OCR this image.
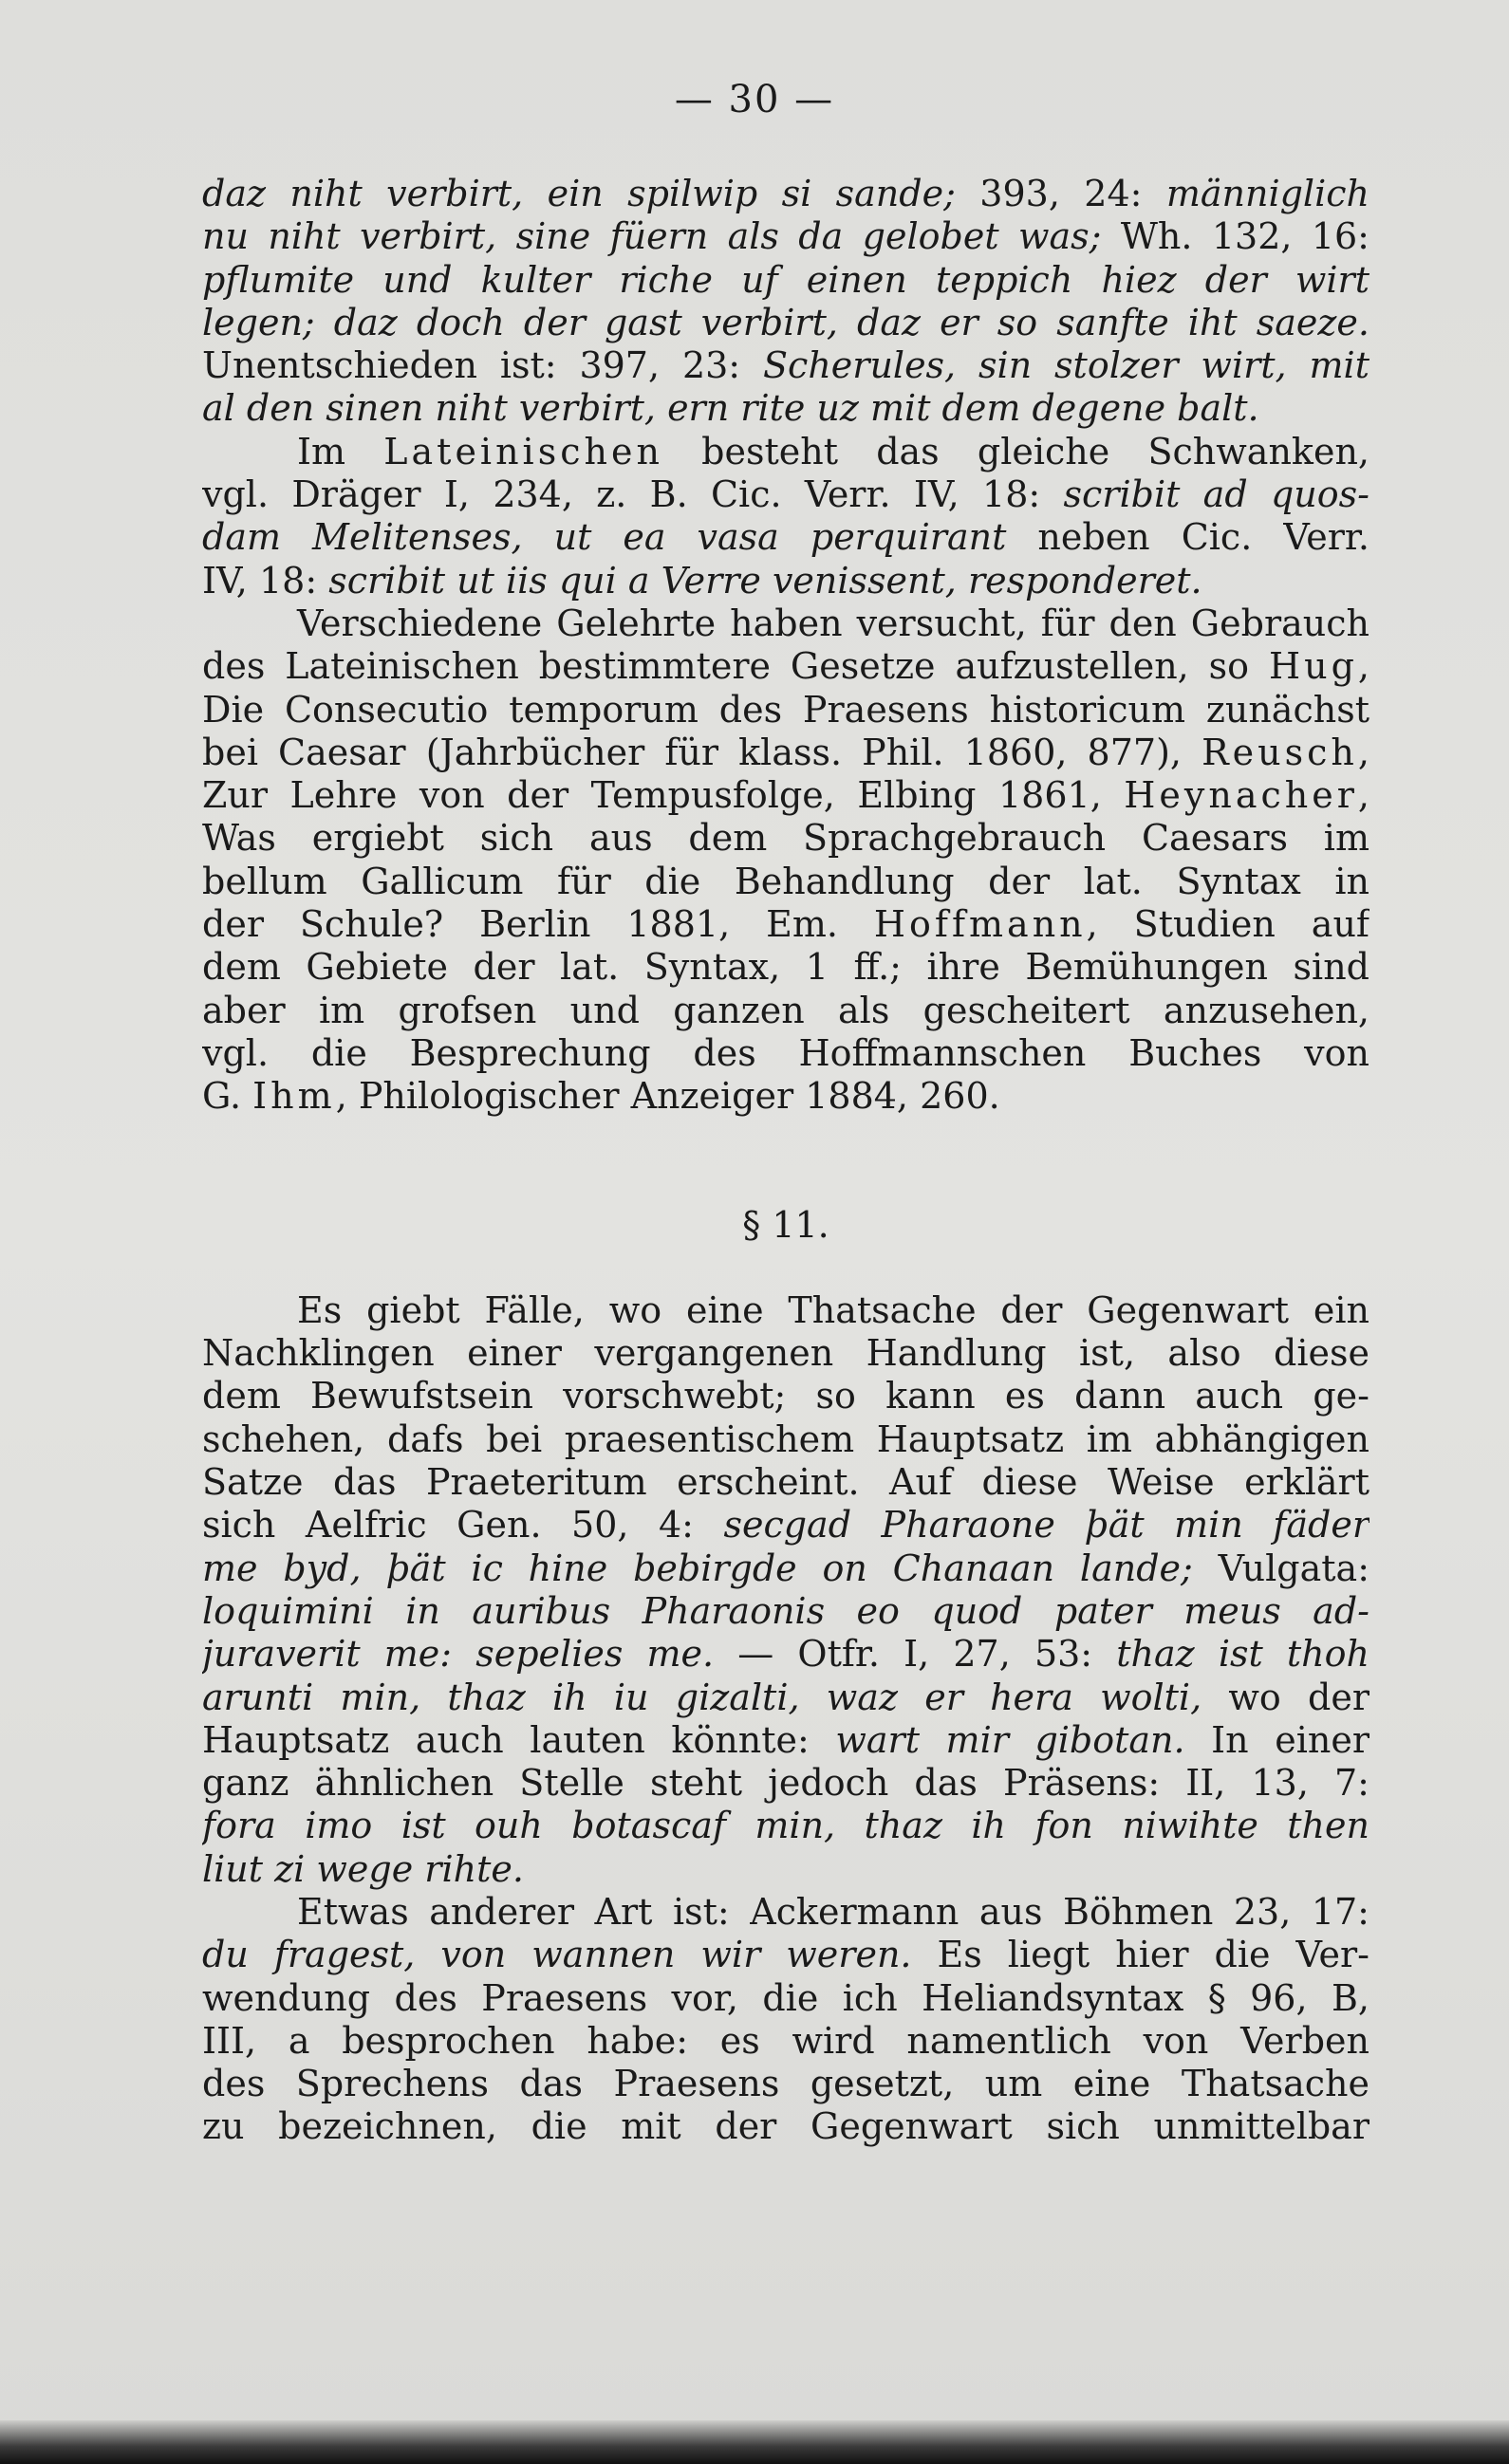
— 30 —
daz niht verbirt, ein spilwip si sande; 393, 24: männiglich
nu niht verbirt, sine füern als da gelobet was; Wh. 132, 16:
pflumite und kulter riche uf einen teppich hiez der wirt
legen; daz doch der gast verbirt, daz er so sanfte iht saeze.
Unentschieden ist: 397, 23: Scherules, sin stolzer wirt, mit
al den sinen niht verbirt, ern rite uz mit dem degene balt.
Im Lateinischen besteht das gleiche Schwanken,
vgl. Dräger I, 234, z. B. Cic. Verr. IV, 18: scribit ad quos-
dam Melitenses, ut ea vasa perquirant neben Cic. Verr.
IV, 18: scribit ut iis qui a Verre venissent, responderet.
Verschiedene Gelehrte haben versucht, für den Gebrauch
des Lateinischen bestimmtere Gesetze aufzustellen, so Hug,
Die Consecutio temporum des Praesens historicum zunächst
bei Caesar (Jahrbücher für klass. Phil. 1860, 877), Reusch,
Zur Lehre von der Tempusfolge, Elbing 1861, Heynacher,
Was ergiebt sich aus dem Sprachgebrauch Caesars im
bellum Gallicum für die Behandlung der lat. Syntax in
der Schule? Berlin 1881, Em. Hoffmann, Studien auf
dem Gebiete der lat. Syntax, 1 ff.; ihre Bemühungen sind
aber im grofsen und ganzen als gescheitert anzusehen,
vgl. die Besprechung des Hoffmannschen Buches von
G. Ihm, Philologischer Anzeiger 1884, 260.
§ 11.
Es giebt Fälle, wo eine Thatsache der Gegenwart ein
Nachklingen einer vergangenen Handlung ist, also diese
dem Bewufstsein vorschwebt; so kann es dann auch ge-
schehen, dafs bei praesentischem Hauptsatz im abhängigen
Satze das Praeteritum erscheint. Auf diese Weise erklärt
sich Aelfric Gen. 50, 4: secgad Pharaone þät min fäder
me byd, þät ic hine bebirgde on Chanaan lande; Vulgata:
loquimini in auribus Pharaonis eo quod pater meus ad-
juraverit me: sepelies me. — Otfr. I, 27, 53: thaz ist thoh
arunti min, thaz ih iu gizalti, waz er hera wolti, wo der
Hauptsatz auch lauten könnte: wart mir gibotan. In einer
ganz ähnlichen Stelle steht jedoch das Präsens: II, 13, 7:
fora imo ist ouh botascaf min, thaz ih fon niwihte then
liut zi wege rihte.
Etwas anderer Art ist: Ackermann aus Böhmen 23, 17:
du fragest, von wannen wir weren. Es liegt hier die Ver-
wendung des Praesens vor, die ich Heliandsyntax § 96, B,
III, a besprochen habe: es wird namentlich von Verben
des Sprechens das Praesens gesetzt, um eine Thatsache
zu bezeichnen, die mit der Gegenwart sich unmittelbar
